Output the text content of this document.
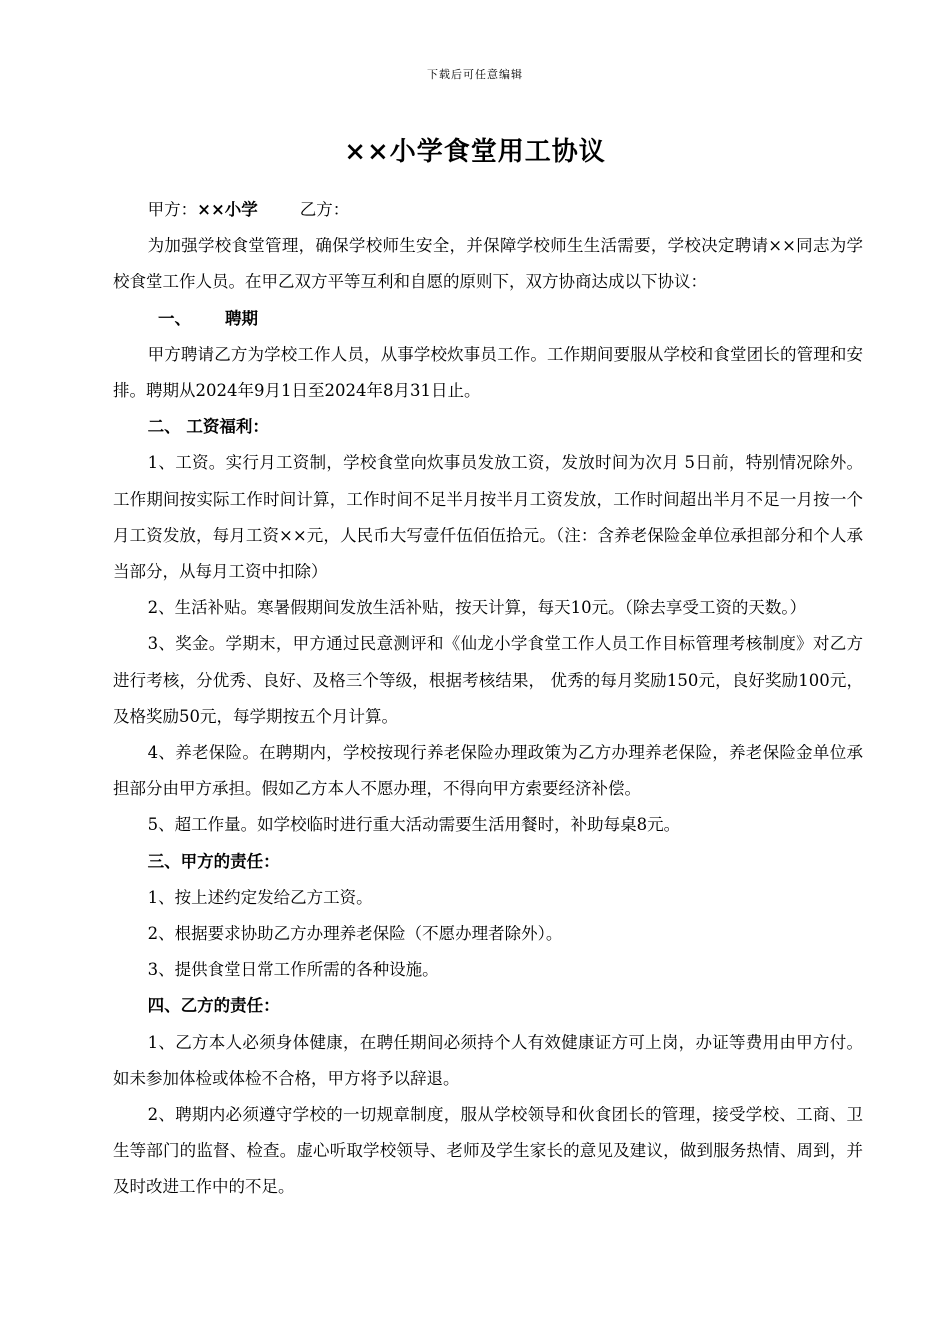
下载后可任意编辑
××小学食堂用工协议

甲方：××小学	乙方：

为加强学校食堂管理，确保学校师生安全，并保障学校师生生活需要，学校决定聘请××同志为学校食堂工作人员。在甲乙双方平等互利和自愿的原则下，双方协商达成以下协议：

一、 聘期

甲方聘请乙方为学校工作人员，从事学校炊事员工作。工作期间要服从学校和食堂团长的管理和安排。聘期从2024年9月1日至2024年8月31日止。

二、 工资福利：

1、工资。实行月工资制，学校食堂向炊事员发放工资，发放时间为次月 5日前，特别情况除外。工作期间按实际工作时间计算，工作时间不足半月按半月工资发放，工作时间超出半月不足一月按一个月工资发放，每月工资××元，人民币大写壹仟伍佰伍拾元。（注：含养老保险金单位承担部分和个人承当部分，从每月工资中扣除）

2、生活补贴。寒暑假期间发放生活补贴，按天计算，每天10元。（除去享受工资的天数。）

3、奖金。学期末，甲方通过民意测评和《仙龙小学食堂工作人员工作目标管理考核制度》对乙方进行考核，分优秀、良好、及格三个等级，根据考核结果， 优秀的每月奖励150元，良好奖励100元，及格奖励50元，每学期按五个月计算。

4、养老保险。在聘期内，学校按现行养老保险办理政策为乙方办理养老保险，养老保险金单位承担部分由甲方承担。假如乙方本人不愿办理，不得向甲方索要经济补偿。

5、超工作量。如学校临时进行重大活动需要生活用餐时，补助每桌8元。

三、甲方的责任：

1、按上述约定发给乙方工资。

2、根据要求协助乙方办理养老保险（不愿办理者除外）。

3、提供食堂日常工作所需的各种设施。

四、乙方的责任：

1、乙方本人必须身体健康，在聘任期间必须持个人有效健康证方可上岗，办证等费用由甲方付。如未参加体检或体检不合格，甲方将予以辞退。

2、聘期内必须遵守学校的一切规章制度，服从学校领导和伙食团长的管理，接受学校、工商、卫生等部门的监督、检查。虚心听取学校领导、老师及学生家长的意见及建议，做到服务热情、周到，并及时改进工作中的不足。
